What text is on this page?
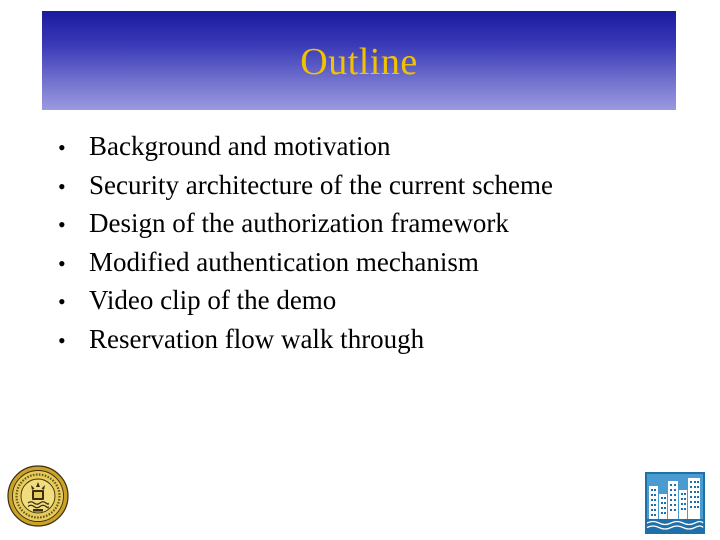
Outline
• Background and motivation
• Security architecture of the current scheme
• Design of the authorization framework
• Modified authentication mechanism
• Video clip of the demo
• Reservation flow walk through
